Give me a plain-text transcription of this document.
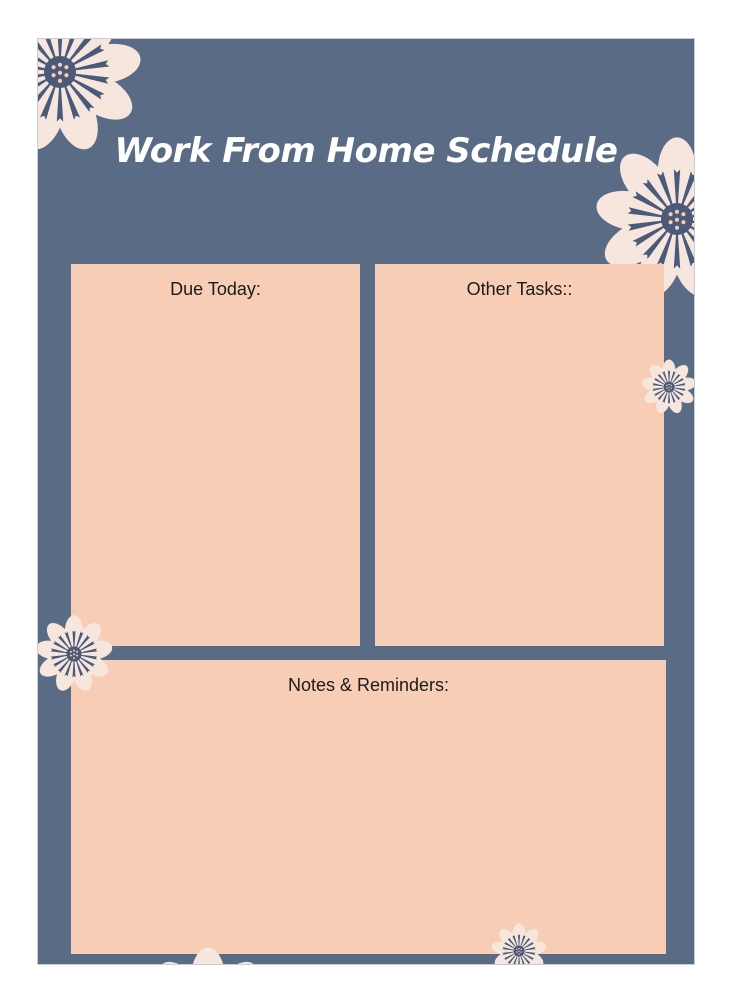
Work From Home Schedule
Due Today:	Other Tasks::
Notes & Reminders:
